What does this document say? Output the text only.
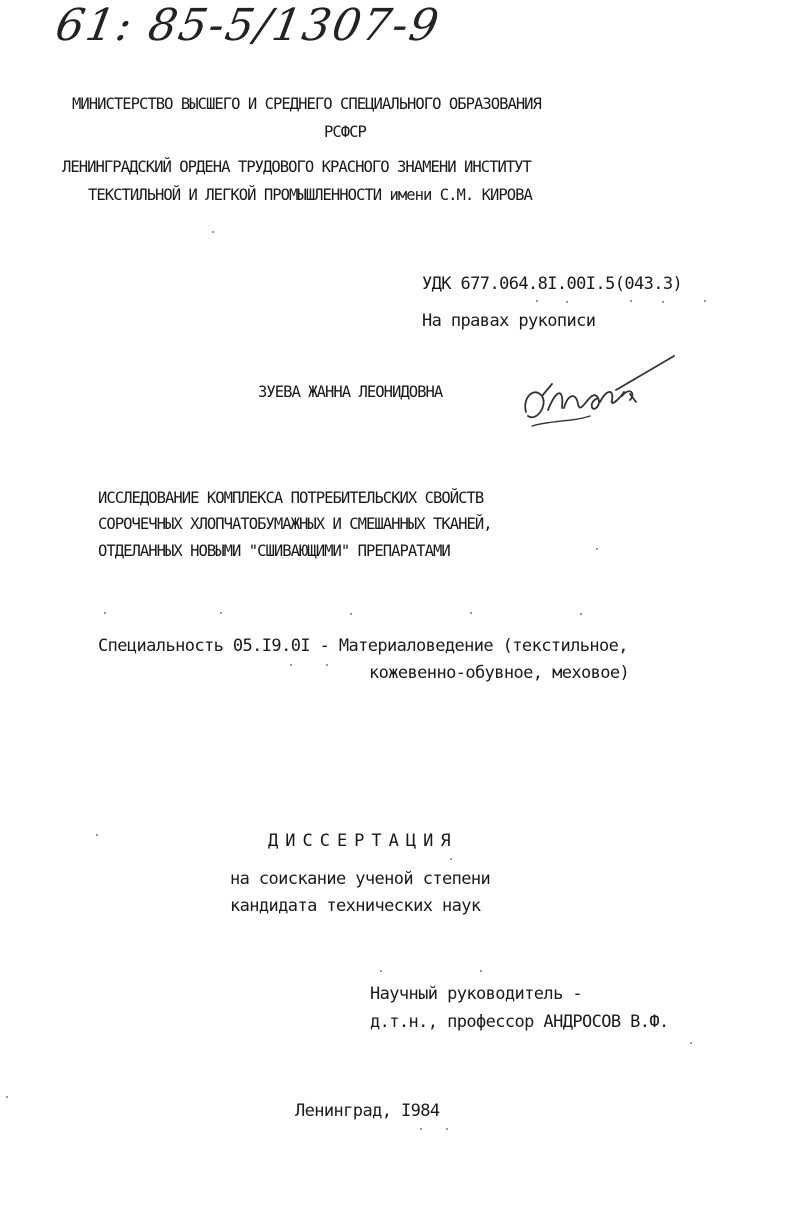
61: 85-5/1307-9
МИНИСТЕРСТВО ВЫСШЕГО И СРЕДНЕГО СПЕЦИАЛЬНОГО ОБРАЗОВАНИЯ
РСФСР
ЛЕНИНГРАДСКИЙ ОРДЕНА ТРУДОВОГО КРАСНОГО ЗНАМЕНИ ИНСТИТУТ
ТЕКСТИЛЬНОЙ И ЛЕГКОЙ ПРОМЫШЛЕННОСТИ имени С.М. КИРОВА
УДК 677.064.8I.00I.5(043.3)
На правах рукописи
ЗУЕВА ЖАННА ЛЕОНИДОВНА
ИССЛЕДОВАНИЕ КОМПЛЕКСА ПОТРЕБИТЕЛЬСКИХ СВОЙСТВ
СОРОЧЕЧНЫХ ХЛОПЧАТОБУМАЖНЫХ И СМЕШАННЫХ ТКАНЕЙ,
ОТДЕЛАННЫХ НОВЫМИ "СШИВАЮЩИМИ" ПРЕПАРАТАМИ
Специальность 05.I9.0I - Материаловедение (текстильное,
кожевенно-обувное, меховое)
ДИССЕРТАЦИЯ
на соискание ученой степени
кандидата технических наук
Научный руководитель -
д.т.н., профессор АНДРОСОВ В.Ф.
Ленинград, I984
